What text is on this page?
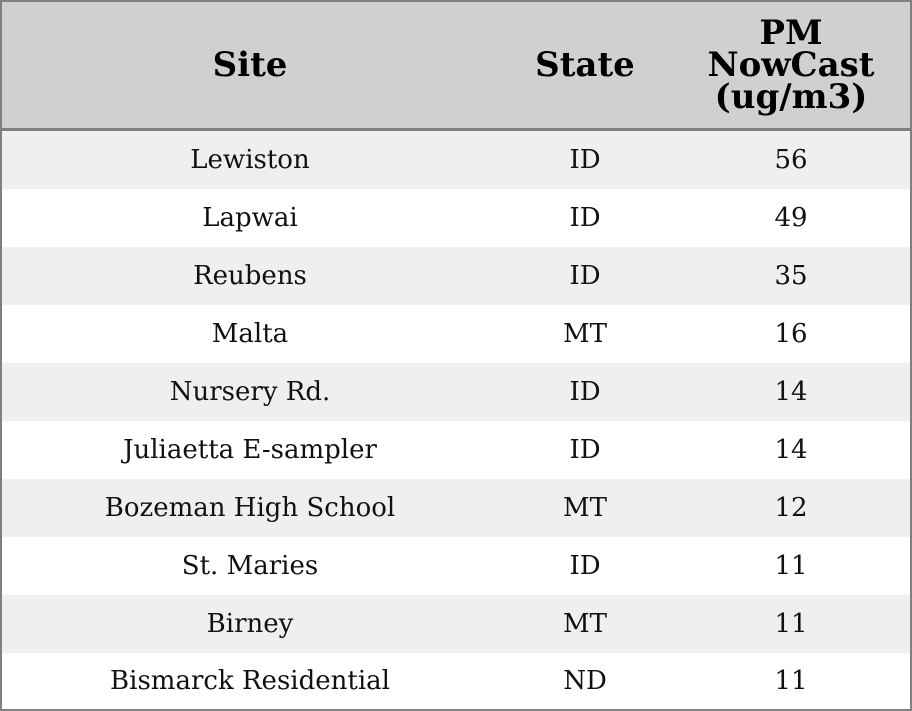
Site	State	PM
NowCast
(ug/m3)

Lewiston	ID	56
Lapwai	ID	49
Reubens	ID	35
Malta	MT	16
Nursery Rd.	ID	14
Juliaetta E-sampler	ID	14
Bozeman High School	MT	12
St. Maries	ID	11
Birney	MT	11
Bismarck Residential	ND	11
